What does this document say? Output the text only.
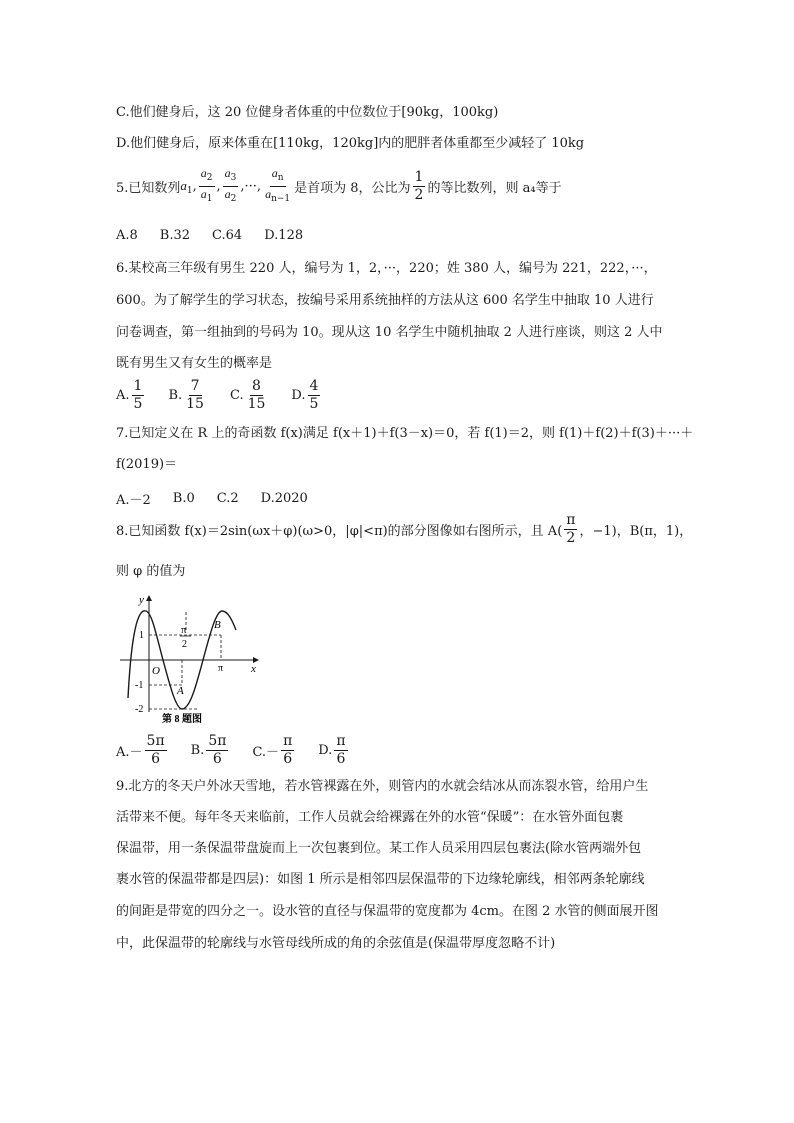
C.他们健身后，这 20 位健身者体重的中位数位于[90kg，100kg)
D.他们健身后，原来体重在[110kg，120kg]内的肥胖者体重都至少减轻了 10kg
5.已知数列 $a_1$, $\frac{a_2}{a_1}$ , $\frac{a_3}{a_2}$ ,···, $\frac{a_n}{a_{n-1}}$ 是首项为 8，公比为 $\frac{1}{2}$ 的等比数列，则 a₄等于
A.8 B.32 C.64 D.128
6.某校高三年级有男生 220 人，编号为 1，2，···，220；姓 380 人，编号为 221，222，···，
600。为了解学生的学习状态，按编号采用系统抽样的方法从这 600 名学生中抽取 10 人进行
问卷调查，第一组抽到的号码为 10。现从这 10 名学生中随机抽取 2 人进行座谈，则这 2 人中
既有男生又有女生的概率是
A. $\frac{1}{5} B$. $\frac{7}{15} C$. $\frac{8}{15} D$. $\frac{4}{5}$
7.已知定义在 R 上的奇函数 f(x)满足 f(x＋1)＋f(3－x)＝0，若 f(1)＝2，则 f(1)＋f(2)＋f(3)＋···＋
f(2019)＝
A.－2 B.0 C.2 D.2020
8.已知函数 f(x)＝2sin(ωx＋φ)(ω>0，|φ|<π)的部分图像如右图所示，且 $A( \frac{\pi}{2}$ ，−1)，B(π，1)，
则 φ 的值为
y
x
O
1
-1
-2
π
2
π
A
B
第 8 题图
$A.- \frac{5\pi}{6} B$. $\frac{5\pi}{6} C.- \frac{\pi}{6} D$. $\frac{\pi}{6}$
9.北方的冬天户外冰天雪地，若水管裸露在外，则管内的水就会结冰从而冻裂水管，给用户生
活带来不便。每年冬天来临前，工作人员就会给裸露在外的水管“保暖”：在水管外面包裹
保温带，用一条保温带盘旋而上一次包裹到位。某工作人员采用四层包裹法(除水管两端外包
裹水管的保温带都是四层)：如图 1 所示是相邻四层保温带的下边缘轮廓线，相邻两条轮廓线
的间距是带宽的四分之一。设水管的直径与保温带的宽度都为 4cm。在图 2 水管的侧面展开图
中，此保温带的轮廓线与水管母线所成的角的余弦值是(保温带厚度忽略不计)
